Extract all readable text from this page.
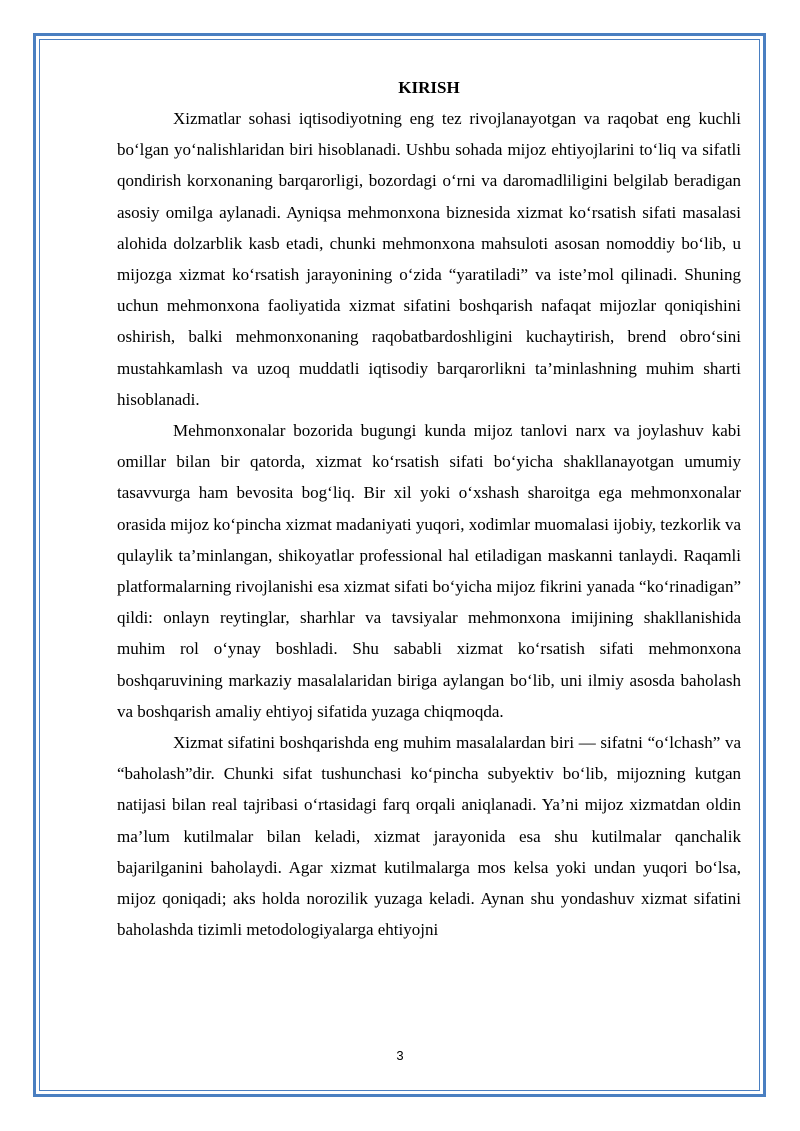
KIRISH

Xizmatlar sohasi iqtisodiyotning eng tez rivojlanayotgan va raqobat eng kuchli boʻlgan yoʻnalishlaridan biri hisoblanadi. Ushbu sohada mijoz ehtiyojlarini toʻliq va sifatli qondirish korxonaning barqarorligi, bozordagi oʻrni va daromadliligini belgilab beradigan asosiy omilga aylanadi. Ayniqsa mehmonxona biznesida xizmat koʻrsatish sifati masalasi alohida dolzarblik kasb etadi, chunki mehmonxona mahsuloti asosan nomoddiy boʻlib, u mijozga xizmat koʻrsatish jarayonining oʻzida “yaratiladi” va iste’mol qilinadi. Shuning uchun mehmonxona faoliyatida xizmat sifatini boshqarish nafaqat mijozlar qoniqishini oshirish, balki mehmonxonaning raqobatbardoshligini kuchaytirish, brend obroʻsini mustahkamlash va uzoq muddatli iqtisodiy barqarorlikni ta’minlashning muhim sharti hisoblanadi.

Mehmonxonalar bozorida bugungi kunda mijoz tanlovi narx va joylashuv kabi omillar bilan bir qatorda, xizmat koʻrsatish sifati boʻyicha shakllanayotgan umumiy tasavvurga ham bevosita bogʻliq. Bir xil yoki oʻxshash sharoitga ega mehmonxonalar orasida mijoz koʻpincha xizmat madaniyati yuqori, xodimlar muomalasi ijobiy, tezkorlik va qulaylik ta’minlangan, shikoyatlar professional hal etiladigan maskanni tanlaydi. Raqamli platformalarning rivojlanishi esa xizmat sifati boʻyicha mijoz fikrini yanada “koʻrinadigan” qildi: onlayn reytinglar, sharhlar va tavsiyalar mehmonxona imijining shakllanishida muhim rol oʻynay boshladi. Shu sababli xizmat koʻrsatish sifati mehmonxona boshqaruvining markaziy masalalaridan biriga aylangan boʻlib, uni ilmiy asosda baholash va boshqarish amaliy ehtiyoj sifatida yuzaga chiqmoqda.

Xizmat sifatini boshqarishda eng muhim masalalardan biri — sifatni “oʻlchash” va “baholash”dir. Chunki sifat tushunchasi koʻpincha subyektiv boʻlib, mijozning kutgan natijasi bilan real tajribasi oʻrtasidagi farq orqali aniqlanadi. Ya’ni mijoz xizmatdan oldin ma’lum kutilmalar bilan keladi, xizmat jarayonida esa shu kutilmalar qanchalik bajarilganini baholaydi. Agar xizmat kutilmalarga mos kelsa yoki undan yuqori boʻlsa, mijoz qoniqadi; aks holda norozilik yuzaga keladi. Aynan shu yondashuv xizmat sifatini baholashda tizimli metodologiyalarga ehtiyojni

3
